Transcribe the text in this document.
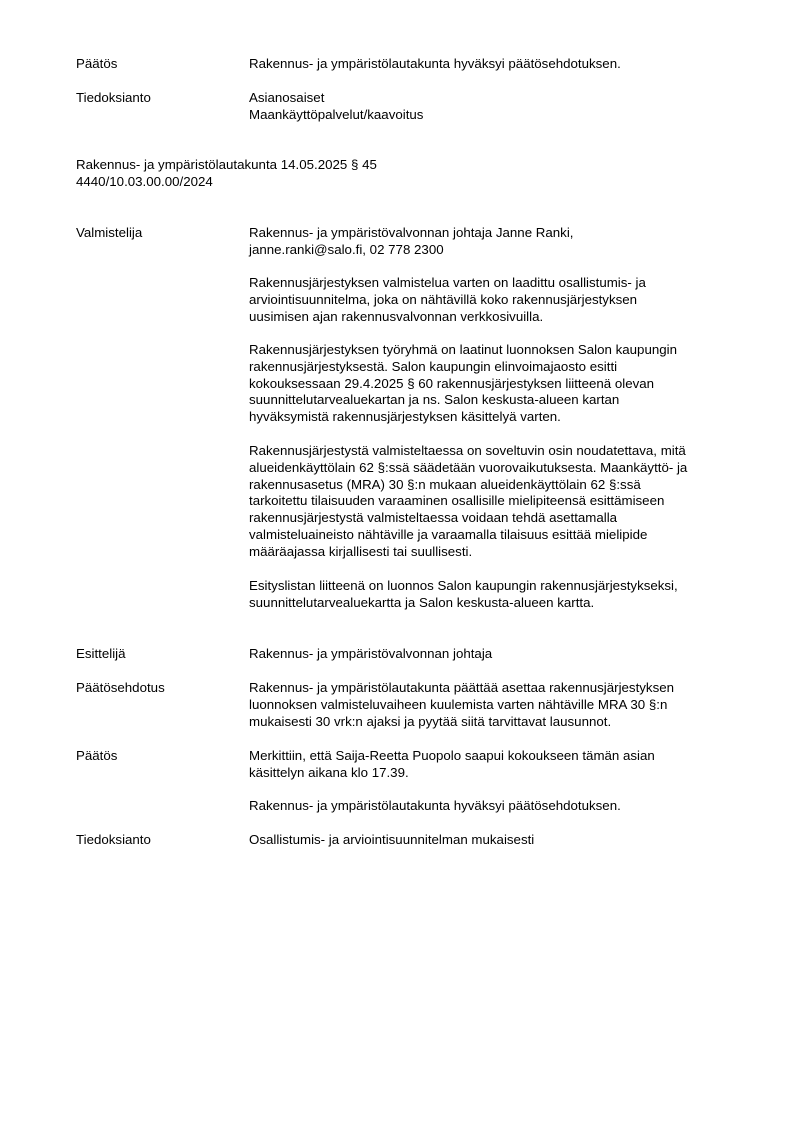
Päätös	Rakennus- ja ympäristölautakunta hyväksyi päätösehdotuksen.
Tiedoksianto	Asianosaiset
Maankäyttöpalvelut/kaavoitus
Rakennus- ja ympäristölautakunta 14.05.2025 § 45
4440/10.03.00.00/2024
Valmistelija	Rakennus- ja ympäristövalvonnan johtaja Janne Ranki,
janne.ranki@salo.fi, 02 778 2300
Rakennusjärjestyksen valmistelua varten on laadittu osallistumis- ja
arviointisuunnitelma, joka on nähtävillä koko rakennusjärjestyksen
uusimisen ajan rakennusvalvonnan verkkosivuilla.
Rakennusjärjestyksen työryhmä on laatinut luonnoksen Salon kaupungin
rakennusjärjestyksestä. Salon kaupungin elinvoimajaosto esitti
kokouksessaan 29.4.2025 § 60 rakennusjärjestyksen liitteenä olevan
suunnittelutarvealuekartan ja ns. Salon keskusta-alueen kartan
hyväksymistä rakennusjärjestyksen käsittelyä varten.
Rakennusjärjestystä valmisteltaessa on soveltuvin osin noudatettava, mitä
alueidenkäyttölain 62 §:ssä säädetään vuorovaikutuksesta. Maankäyttö- ja
rakennusasetus (MRA) 30 §:n mukaan alueidenkäyttölain 62 §:ssä
tarkoitettu tilaisuuden varaaminen osallisille mielipiteensä esittämiseen
rakennusjärjestystä valmisteltaessa voidaan tehdä asettamalla
valmisteluaineisto nähtäville ja varaamalla tilaisuus esittää mielipide
määräajassa kirjallisesti tai suullisesti.
Esityslistan liitteenä on luonnos Salon kaupungin rakennusjärjestykseksi,
suunnittelutarvealuekartta ja Salon keskusta-alueen kartta.
Esittelijä	Rakennus- ja ympäristövalvonnan johtaja
Päätösehdotus	Rakennus- ja ympäristölautakunta päättää asettaa rakennusjärjestyksen
luonnoksen valmisteluvaiheen kuulemista varten nähtäville MRA 30 §:n
mukaisesti 30 vrk:n ajaksi ja pyytää siitä tarvittavat lausunnot.
Päätös	Merkittiin, että Saija-Reetta Puopolo saapui kokoukseen tämän asian
käsittelyn aikana klo 17.39.
Rakennus- ja ympäristölautakunta hyväksyi päätösehdotuksen.
Tiedoksianto	Osallistumis- ja arviointisuunnitelman mukaisesti
